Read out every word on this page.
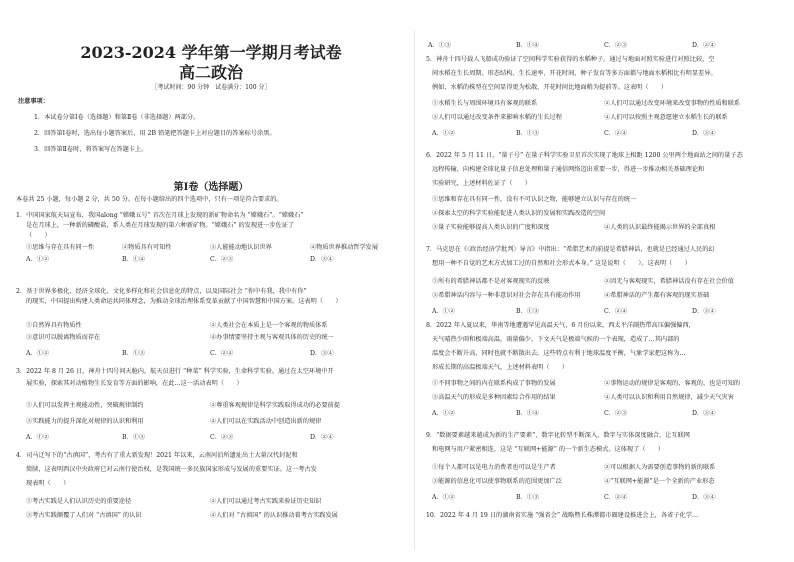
2023-2024 学年第一学期月考试卷
高二政治
［考试时间：90 分钟　试卷满分：100 分］
注意事项：
1．本试卷分第Ⅰ卷（选择题）和第Ⅱ卷（非选择题）两部分。
2．回答第Ⅰ卷时，选出每小题答案后，用 2B 铅笔把答题卡上对应题目的答案标号涂黑。
3．回答第Ⅱ卷时，将答案写在答题卡上。
第Ⅰ卷（选择题）
本卷共 25 小题，每小题 2 分，共 50 分。在每小题给出的四个选项中，只有一项是符合要求的。
1．中国国家航天局宣布，我国along “嫦娥五号” 首次在月球上发现的新矿物命名为 “嫦娥石”。“嫦娥石”
是在月球上，一种新的磷酸盐，系人类在月球发现的第六种新矿物。“嫦娥石” 的发现进一步佐证了
（　　）
①思维与存在具有同一性	②物质具有可知性	③人能能动地认识世界	④物质世界推动哲学发展
A．①②	B．①④	C．②③	D．③④
2．基于世界多极化、经济全球化、文化多样化和社会信息化的特点，以及国际社会 “你中有我，我中有你”
的现实，中国提出构建人类命运共同体理念，为推动全球治理体系变革贡献了中国智慧和中国方案。这表明（　　）
①自然界具有物质性	②人类社会在本质上是一个客观的物质体系
③意识可以脱离物质而存在	④办事情要坚持主观与客观具体的历史的统一
A．①②	B．①③	C．②④	D．③④
3．2022 年 8 月 26 日，神舟十四号问天舱内，航天员进行 “种菜” 科学实验，生命科学实验。通过在太空环境中开
展实验，探索其对动植物生长发育等方面的影响，在此…这一活动表明（　　）
①人们可以发挥主观能动性，突破规律制约	②尊重客观规律是科学实践取得成功的必要前提
③实践能力的提升深化对规律的认识和利用	④人们可以在实践活动中创造出新的规律
A．①②	B．①③	C．②③	D．②④
4．司马迁写下的“古滇国”，考古有了重大新发现！2021 年以来，云南河泊所遗址出土大量汉代封泥和
简牍，这表明西汉中央政府已对云南行使治权，是我国统一多民族国家形成与发展的重要实证。这一考古发
现表明（　　）
①考古实践是人们认识历史的重要途径	②人们可以通过考古实践来验证历史知识
③考古实践颠覆了人们对 “古滇国” 的认识	④人们对 “古滇国” 的认识推动着考古实践发展
A．①③	B．①④	C．②③	D．②④
5．神舟十四号载人飞船成功验证了空间科学实验获得的水稻种子。通过与地面对照实验进行对照比较，空
间水稻在生长周期、形态结构、生长速率、开花时间、种子发育等多方面都与地面水稻相比有明显差异。
例如，水稻的株型在空间显得更为松散，开花时间比地面稍为提前等。这表明（　　）
①水稻生长与周围环境具有客观的联系	②人们可以通过改变环境来改变事物的性质和联系
③人们可以通过改变条件来影响水稻的生长过程	④人们可以按照主观意愿建立水稻生长的联系
A．①②	B．①③	C．②④	D．③④
6．2022 年 5 月 11 日，“量子号” 在量子科学实验卫星首次实现了地球上相距 1200 公里两个地面站之间的量子态
远程传输，向构建全球化量子信息处理和量子通信网络迈出重要一步，得进一步推动相关基础理论和
实验研究，上述材料佐证了（　　）
①思维和存在具有同一性，没有不可认识之物，能够建立认识与存在的统一
②探索太空的科学实验能促进人类认识的发展和实践改造的空间
③量子实验能够提高人类认识的广度和深度	④人类的认识最终能揭示世界的全部真相
7．马克思在《〈政治经济学批判〉导言》中指出：“希腊艺术的前提是希腊神话，也就是已经通过人民的幻
想用一种不自觉的艺术方式加工过的自然和社会形式本身。” 这是说明（　　）。这表明（　　）
①所有的希腊神话都不是对客观现实的反映	②因无与客观现实，希腊神话没有存在社会价值
③希腊神话内容与一种非意识对社会存在具有能动作用	④希腊神话的产生都有客观的现实基础
A．①②	B．①③	C．②④	D．③④
8．2022 年入夏以来，华南等地遭遇罕见高温天气，6 月份以来，西太平洋副热带高压偏强偏西，
天气晴热少雨和极端高温，雨量偏少，下文天气是极端气候的一个表现，造成了…其内部的
温度会不断升高，同时也就不断散出去。这些特点有利于地球温度平衡，气象学家把这称为…
形成长期的高温极端天气，上述材料表明（　　）
①不同事物之间的内在联系构成了事物的发展	②事物运动的规律是客观的、客观的，也是可知的
③高温天气的形成是多种因素综合作用的结果	④人类可以认识和利用自然规律，减少天气灾害
A．①②	B．①④	C．②③	D．③④
9．“数据要素越来越成为新的生产要素”，数字化转型不断深入，数字与实体深度融合，让互联网
和电网与用户紧密相连，这是 “互联网+能源” 的一个新生态模式。这体现了（　　）
①每个人都可以是电力消费者也可以是生产者	②可以根据人为需要创造事物的新的联系
③能源的信息化可以使事物联系的范围更加广泛	④“互联网+能源”是一个全新的产业形态
A．①②	B．①③	C．②④	D．③④
10．2022 年 4 月 19 日的湖南省实施 “强省会” 战略暨长株潭都市圈建设推进会上，各省子化学…
